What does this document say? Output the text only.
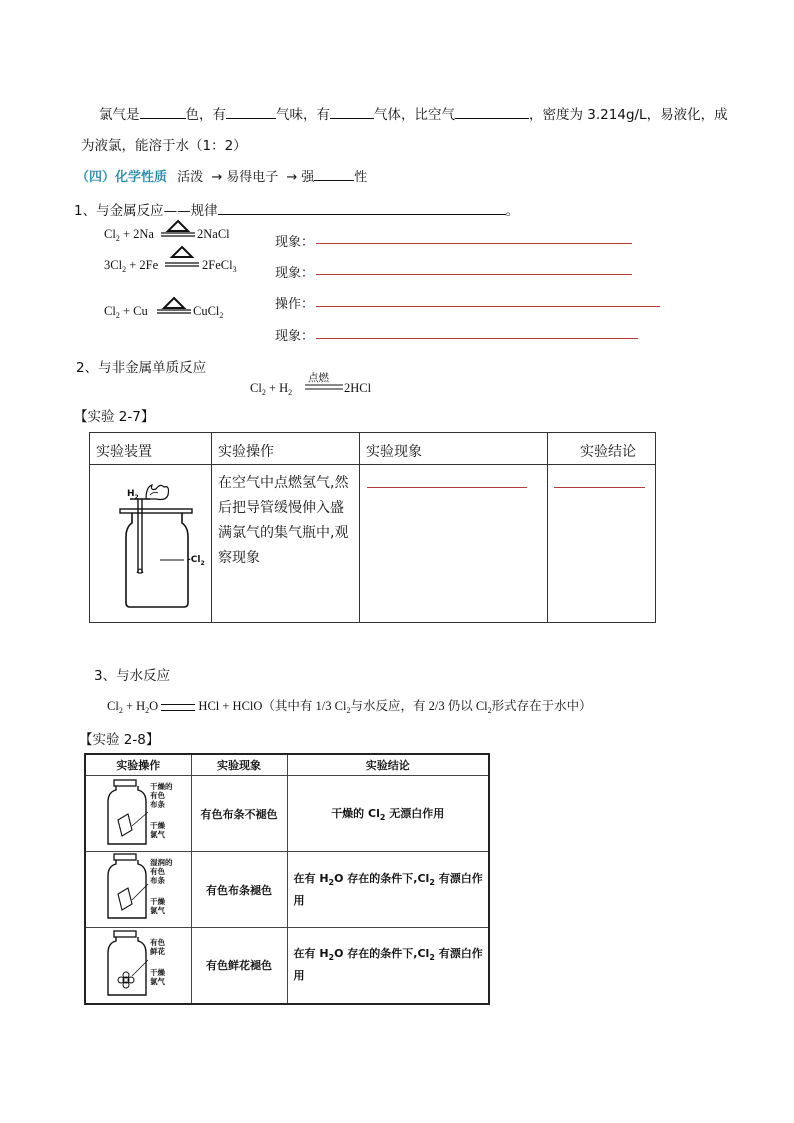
氯气是	色，有	气味，有	气体，比空气	，密度为 3.214g/L，易液化，成
为液氯，能溶于水（1：2）
（四）化学性质 活泼 → 易得电子 → 强	性
1、与金属反应——规律	。
$Cl_2 + 2Na$	2NaCl
$3Cl_2 + 2Fe$	2FeCl$_3$
$Cl_2 + Cu$	CuCl$_2$
现象：
现象：
操作：
现象：
2、与非金属单质反应
$Cl_2 + H_2$
点燃
2HCl
【实验 2-7】
实验装置	实验操作	实验现象	实验结论

$H_2$
$-Cl_2$	在空气中点燃氢气,然后把导管缓慢伸入盛满氯气的集气瓶中,观察现象	

3、与水反应
$Cl_2 + H_2O$	HCl + HClO（其中有 1/3 $Cl_2$与水反应，有 2/3 仍以 $Cl_2$形式存在于水中）
【实验 2-8】
实验操作	实验现象	实验结论

干燥的
有色
布条
干燥
氯气	有色布条不褪色	干燥的 $Cl_2$ 无漂白作用

湿润的
有色
布条
干燥
氯气	有色布条褪色	在有 $H_2O$ 存在的条件下$,Cl_2$ 有漂白作用

有色
鲜花
干燥
氯气	有色鲜花褪色	在有 $H_2O$ 存在的条件下$,Cl_2$ 有漂白作用
